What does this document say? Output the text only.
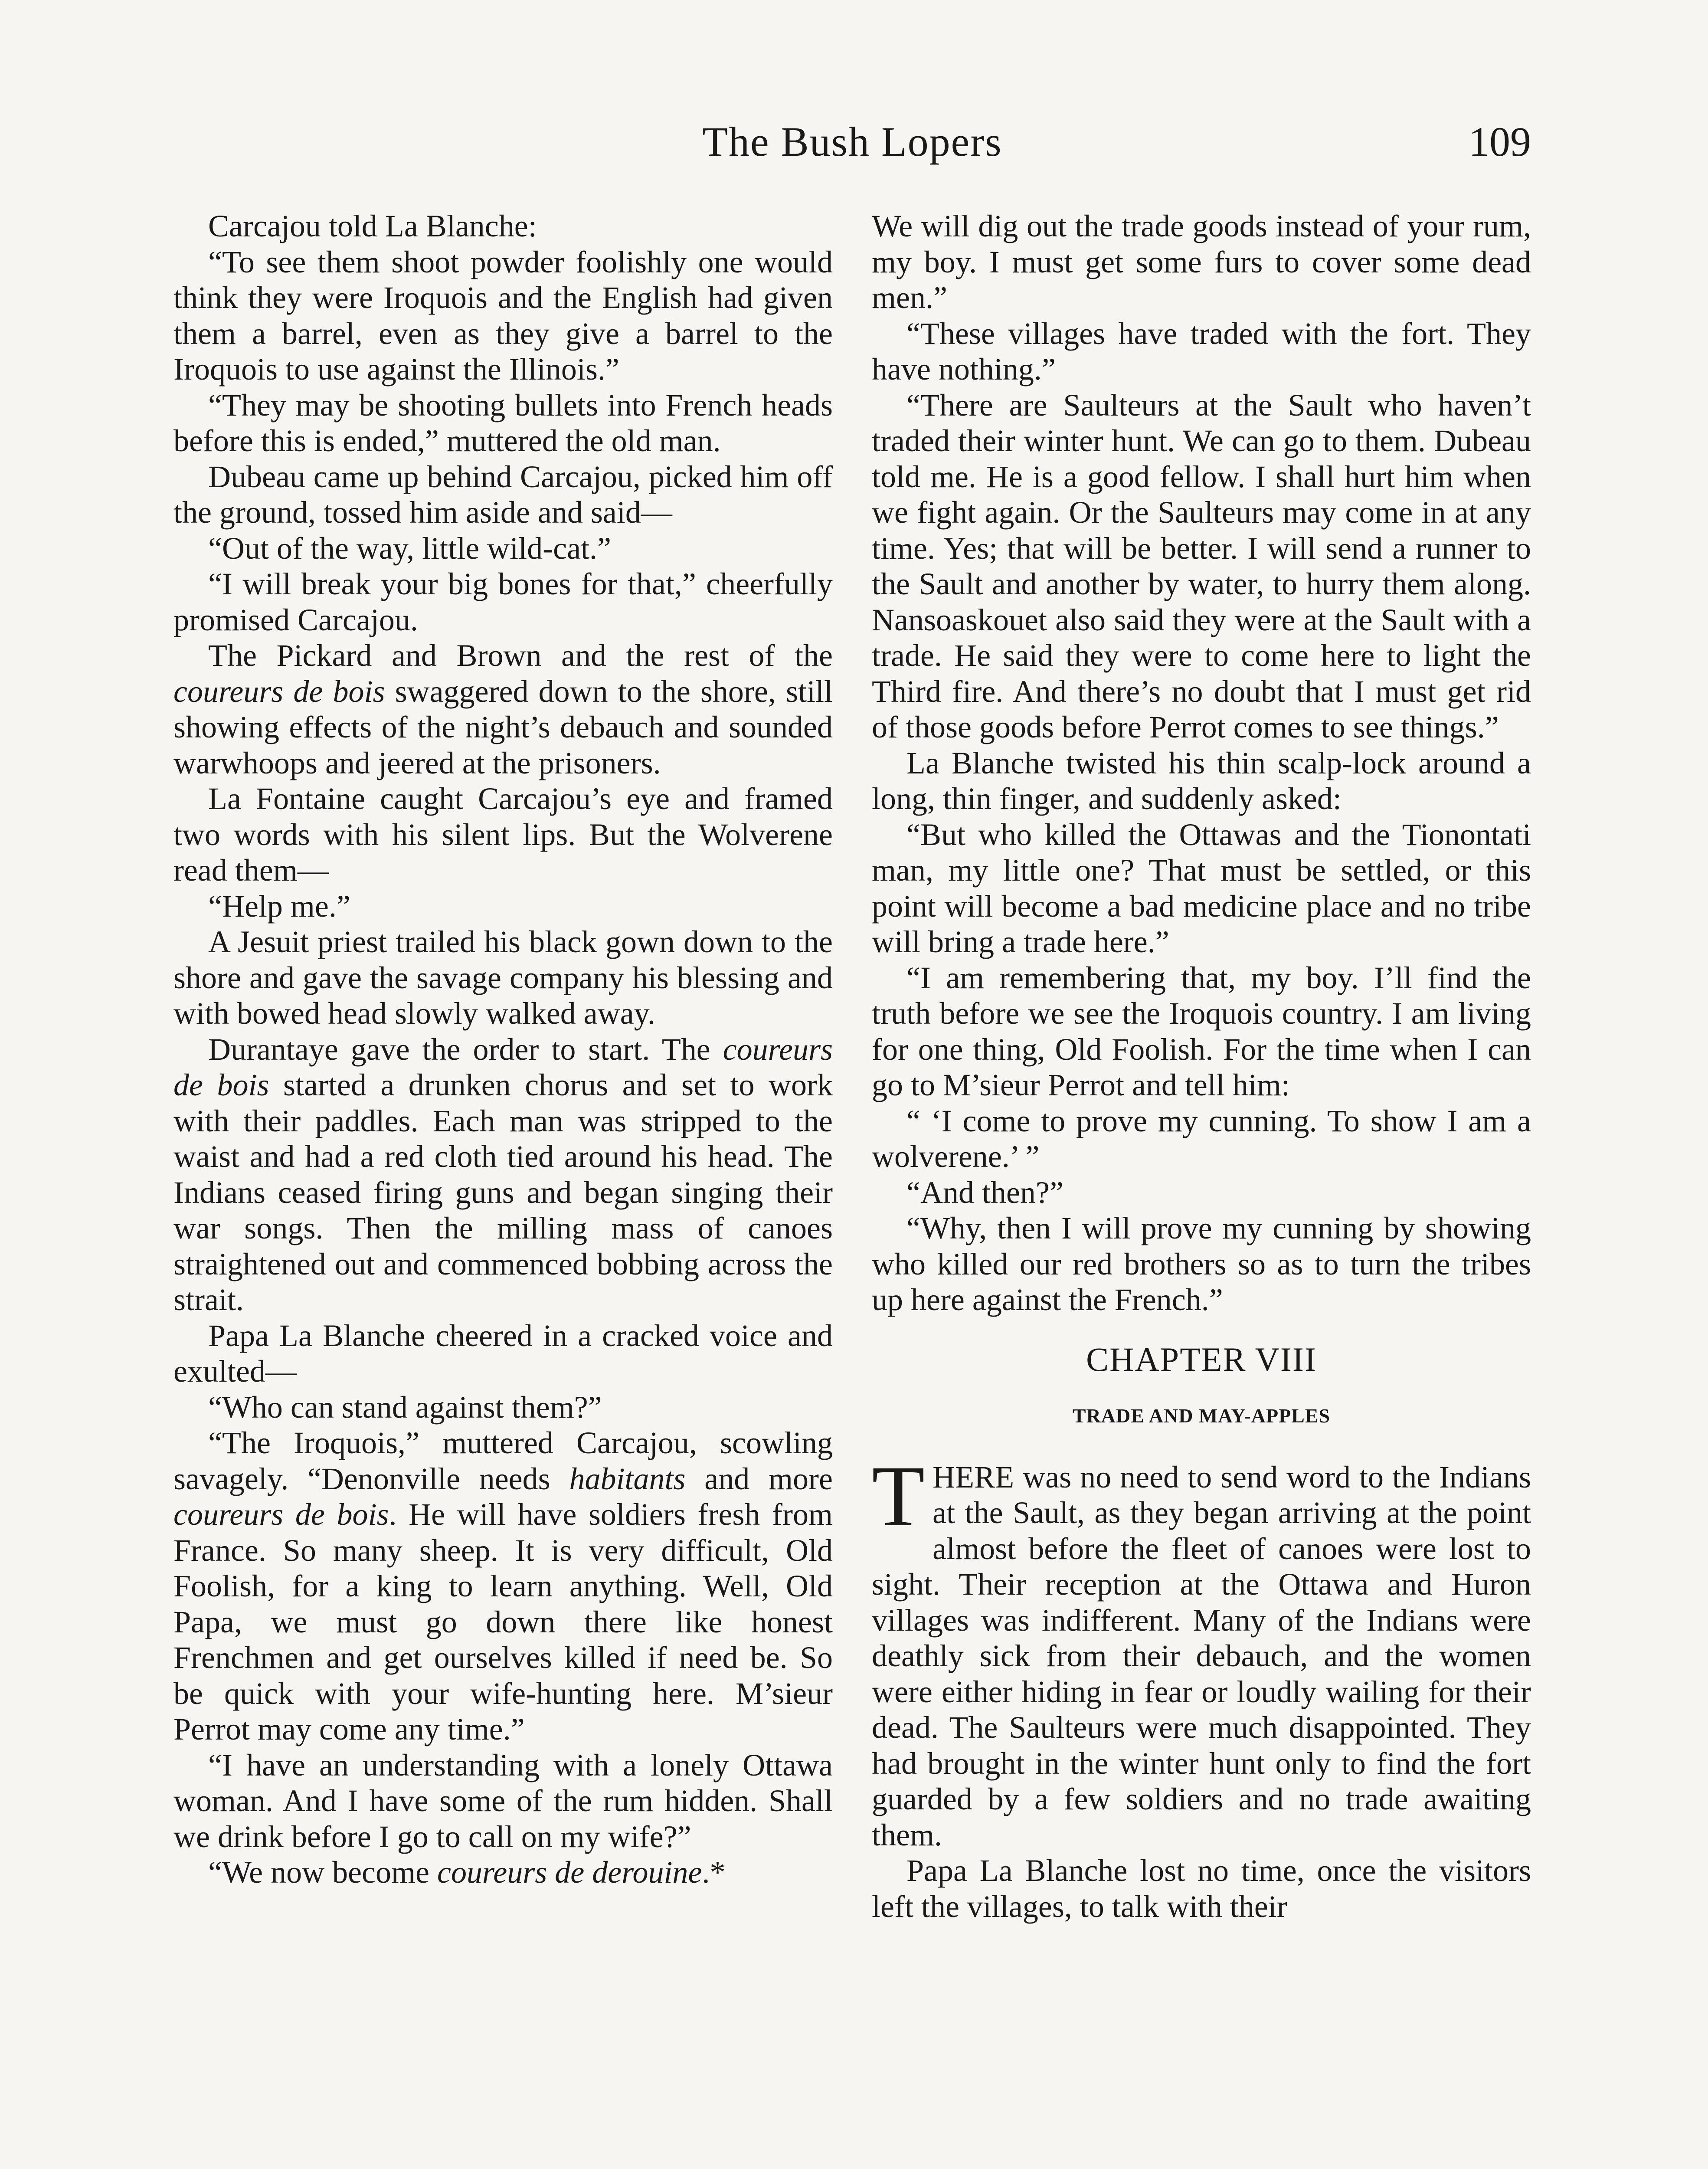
The Bush Lopers	109

Carcajou told La Blanche:

“To see them shoot powder foolishly one would think they were Iroquois and the English had given them a barrel, even as they give a barrel to the Iroquois to use against the Illinois.”

“They may be shooting bullets into French heads before this is ended,” muttered the old man.

Dubeau came up behind Carcajou, picked him off the ground, tossed him aside and said—

“Out of the way, little wild-cat.”

“I will break your big bones for that,” cheerfully promised Carcajou.

The Pickard and Brown and the rest of the coureurs de bois swaggered down to the shore, still showing effects of the night’s debauch and sounded warwhoops and jeered at the prisoners.

La Fontaine caught Carcajou’s eye and framed two words with his silent lips. But the Wolverene read them—

“Help me.”

A Jesuit priest trailed his black gown down to the shore and gave the savage company his blessing and with bowed head slowly walked away.

Durantaye gave the order to start. The coureurs de bois started a drunken chorus and set to work with their paddles. Each man was stripped to the waist and had a red cloth tied around his head. The Indians ceased firing guns and began singing their war songs. Then the milling mass of canoes straightened out and commenced bobbing across the strait.

Papa La Blanche cheered in a cracked voice and exulted—

“Who can stand against them?”

“The Iroquois,” muttered Carcajou, scowling savagely. “Denonville needs habitants and more coureurs de bois. He will have soldiers fresh from France. So many sheep. It is very difficult, Old Foolish, for a king to learn anything. Well, Old Papa, we must go down there like honest Frenchmen and get ourselves killed if need be. So be quick with your wife-hunting here. M’sieur Perrot may come any time.”

“I have an understanding with a lonely Ottawa woman. And I have some of the rum hidden. Shall we drink before I go to call on my wife?”

“We now become coureurs de derouine.*

We will dig out the trade goods instead of your rum, my boy. I must get some furs to cover some dead men.”

“These villages have traded with the fort. They have nothing.”

“There are Saulteurs at the Sault who haven’t traded their winter hunt. We can go to them. Dubeau told me. He is a good fellow. I shall hurt him when we fight again. Or the Saulteurs may come in at any time. Yes; that will be better. I will send a runner to the Sault and another by water, to hurry them along. Nansoaskouet also said they were at the Sault with a trade. He said they were to come here to light the Third fire. And there’s no doubt that I must get rid of those goods before Perrot comes to see things.”

La Blanche twisted his thin scalp-lock around a long, thin finger, and suddenly asked:

“But who killed the Ottawas and the Tionontati man, my little one? That must be settled, or this point will become a bad medicine place and no tribe will bring a trade here.”

“I am remembering that, my boy. I’ll find the truth before we see the Iroquois country. I am living for one thing, Old Foolish. For the time when I can go to M’sieur Perrot and tell him:

“ ‘I come to prove my cunning. To show I am a wolverene.’ ”

“And then?”

“Why, then I will prove my cunning by showing who killed our red brothers so as to turn the tribes up here against the French.”

CHAPTER VIII
TRADE AND MAY-APPLES

THERE was no need to send word to the Indians at the Sault, as they began arriving at the point almost before the fleet of canoes were lost to sight. Their reception at the Ottawa and Huron villages was indifferent. Many of the Indians were deathly sick from their debauch, and the women were either hiding in fear or loudly wailing for their dead. The Saulteurs were much disappointed. They had brought in the winter hunt only to find the fort guarded by a few soldiers and no trade awaiting them.

Papa La Blanche lost no time, once the visitors left the villages, to talk with their
